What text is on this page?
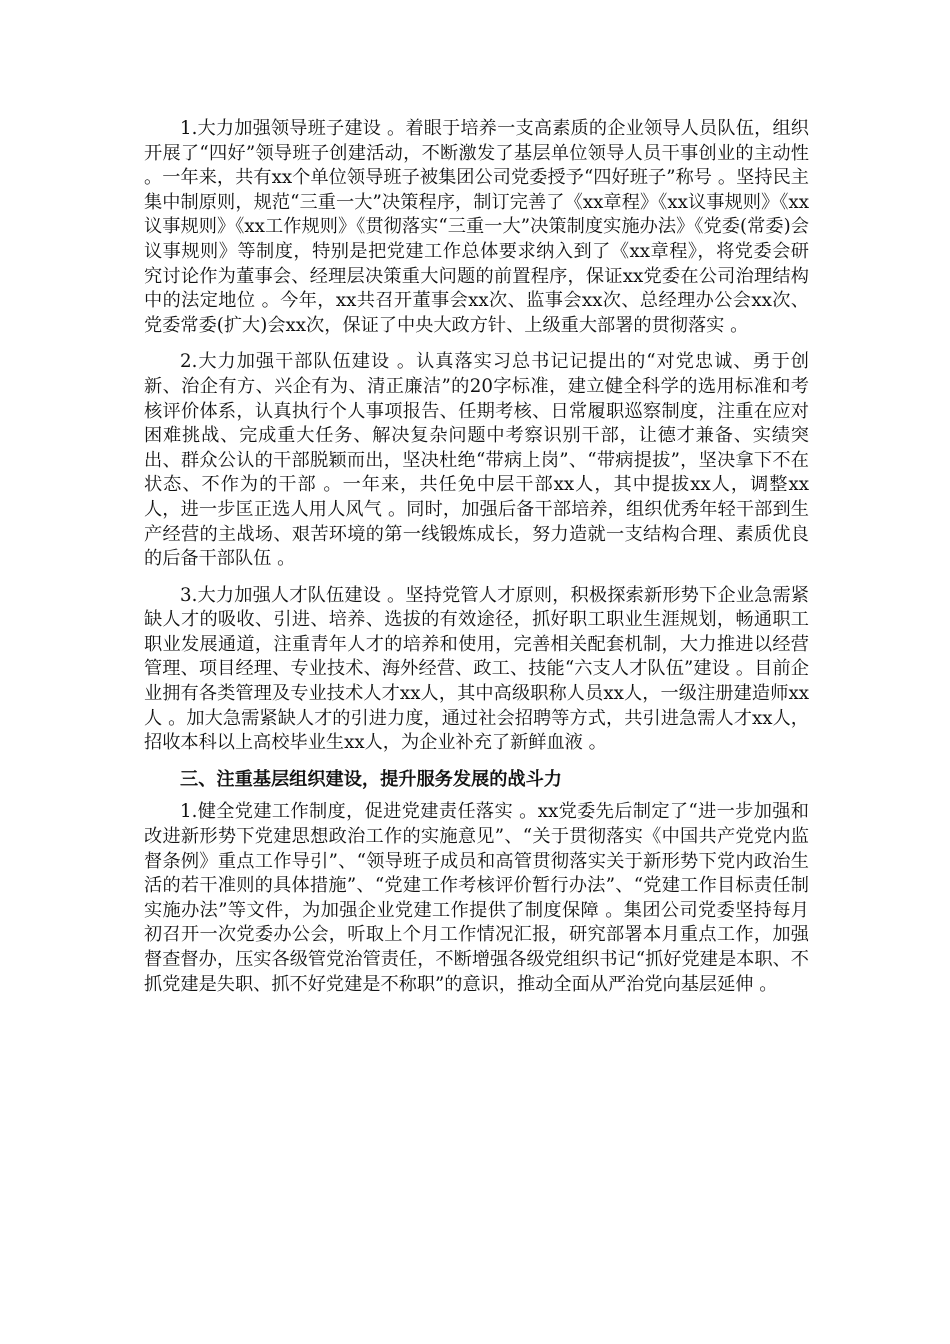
1.大力加强领导班子建设 。着眼于培养一支高素质的企业领导人员队伍，组织开展了“四好”领导班子创建活动，不断激发了基层单位领导人员干事创业的主动性 。一年来，共有xx个单位领导班子被集团公司党委授予“四好班子”称号 。坚持民主集中制原则，规范“三重一大”决策程序，制订完善了《xx章程》《xx议事规则》《xx议事规则》《xx工作规则》《贯彻落实“三重一大”决策制度实施办法》《党委(常委)会议事规则》等制度，特别是把党建工作总体要求纳入到了《xx章程》，将党委会研究讨论作为董事会、经理层决策重大问题的前置程序，保证xx党委在公司治理结构中的法定地位 。今年，xx共召开董事会xx次、监事会xx次、总经理办公会xx次、党委常委(扩大)会xx次，保证了中央大政方针、上级重大部署的贯彻落实 。

2.大力加强干部队伍建设 。认真落实习总书记记提出的“对党忠诚、勇于创新、治企有方、兴企有为、清正廉洁”的20字标准，建立健全科学的选用标准和考核评价体系，认真执行个人事项报告、任期考核、日常履职巡察制度，注重在应对困难挑战、完成重大任务、解决复杂问题中考察识别干部，让德才兼备、实绩突出、群众公认的干部脱颖而出，坚决杜绝“带病上岗”、“带病提拔”，坚决拿下不在状态、不作为的干部 。一年来，共任免中层干部xx人，其中提拔xx人，调整xx人，进一步匡正选人用人风气 。同时，加强后备干部培养，组织优秀年轻干部到生产经营的主战场、艰苦环境的第一线锻炼成长，努力造就一支结构合理、素质优良的后备干部队伍 。

3.大力加强人才队伍建设 。坚持党管人才原则，积极探索新形势下企业急需紧缺人才的吸收、引进、培养、选拔的有效途径，抓好职工职业生涯规划，畅通职工职业发展通道，注重青年人才的培养和使用，完善相关配套机制，大力推进以经营管理、项目经理、专业技术、海外经营、政工、技能“六支人才队伍”建设 。目前企业拥有各类管理及专业技术人才xx人，其中高级职称人员xx人，一级注册建造师xx人 。加大急需紧缺人才的引进力度，通过社会招聘等方式，共引进急需人才xx人，招收本科以上高校毕业生xx人，为企业补充了新鲜血液 。

三、注重基层组织建设，提升服务发展的战斗力

1.健全党建工作制度，促进党建责任落实 。xx党委先后制定了“进一步加强和改进新形势下党建思想政治工作的实施意见”、“关于贯彻落实《中国共产党党内监督条例》重点工作导引”、“领导班子成员和高管贯彻落实关于新形势下党内政治生活的若干准则的具体措施”、“党建工作考核评价暂行办法”、“党建工作目标责任制实施办法”等文件，为加强企业党建工作提供了制度保障 。集团公司党委坚持每月初召开一次党委办公会，听取上个月工作情况汇报，研究部署本月重点工作，加强督查督办，压实各级管党治管责任，不断增强各级党组织书记“抓好党建是本职、不抓党建是失职、抓不好党建是不称职”的意识，推动全面从严治党向基层延伸 。
